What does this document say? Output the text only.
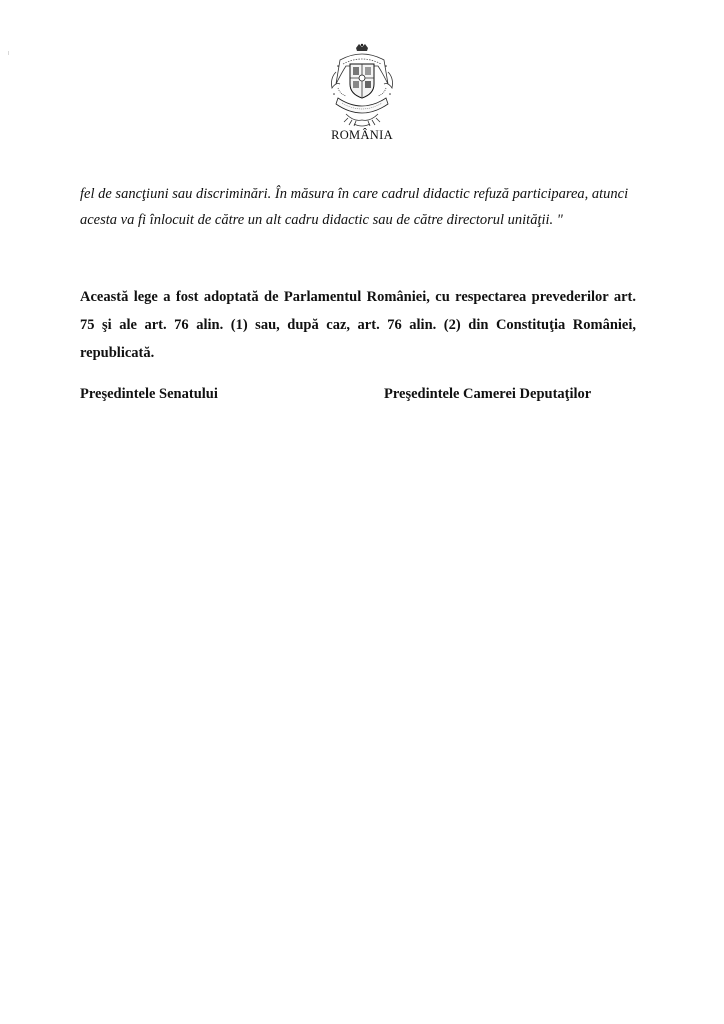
ROMÂNIA

fel de sancţiuni sau discriminări. În măsura în care cadrul didactic refuză participarea, atunci

acesta va fi înlocuit de către un alt cadru didactic sau de către directorul unităţii. "

Această lege a fost adoptată de Parlamentul României, cu respectarea prevederilor art.
75 şi ale art. 76 alin. (1) sau, după caz, art. 76 alin. (2) din Constituţia României,
republicată.
Preşedintele Senatului	Preşedintele Camerei Deputaţilor
